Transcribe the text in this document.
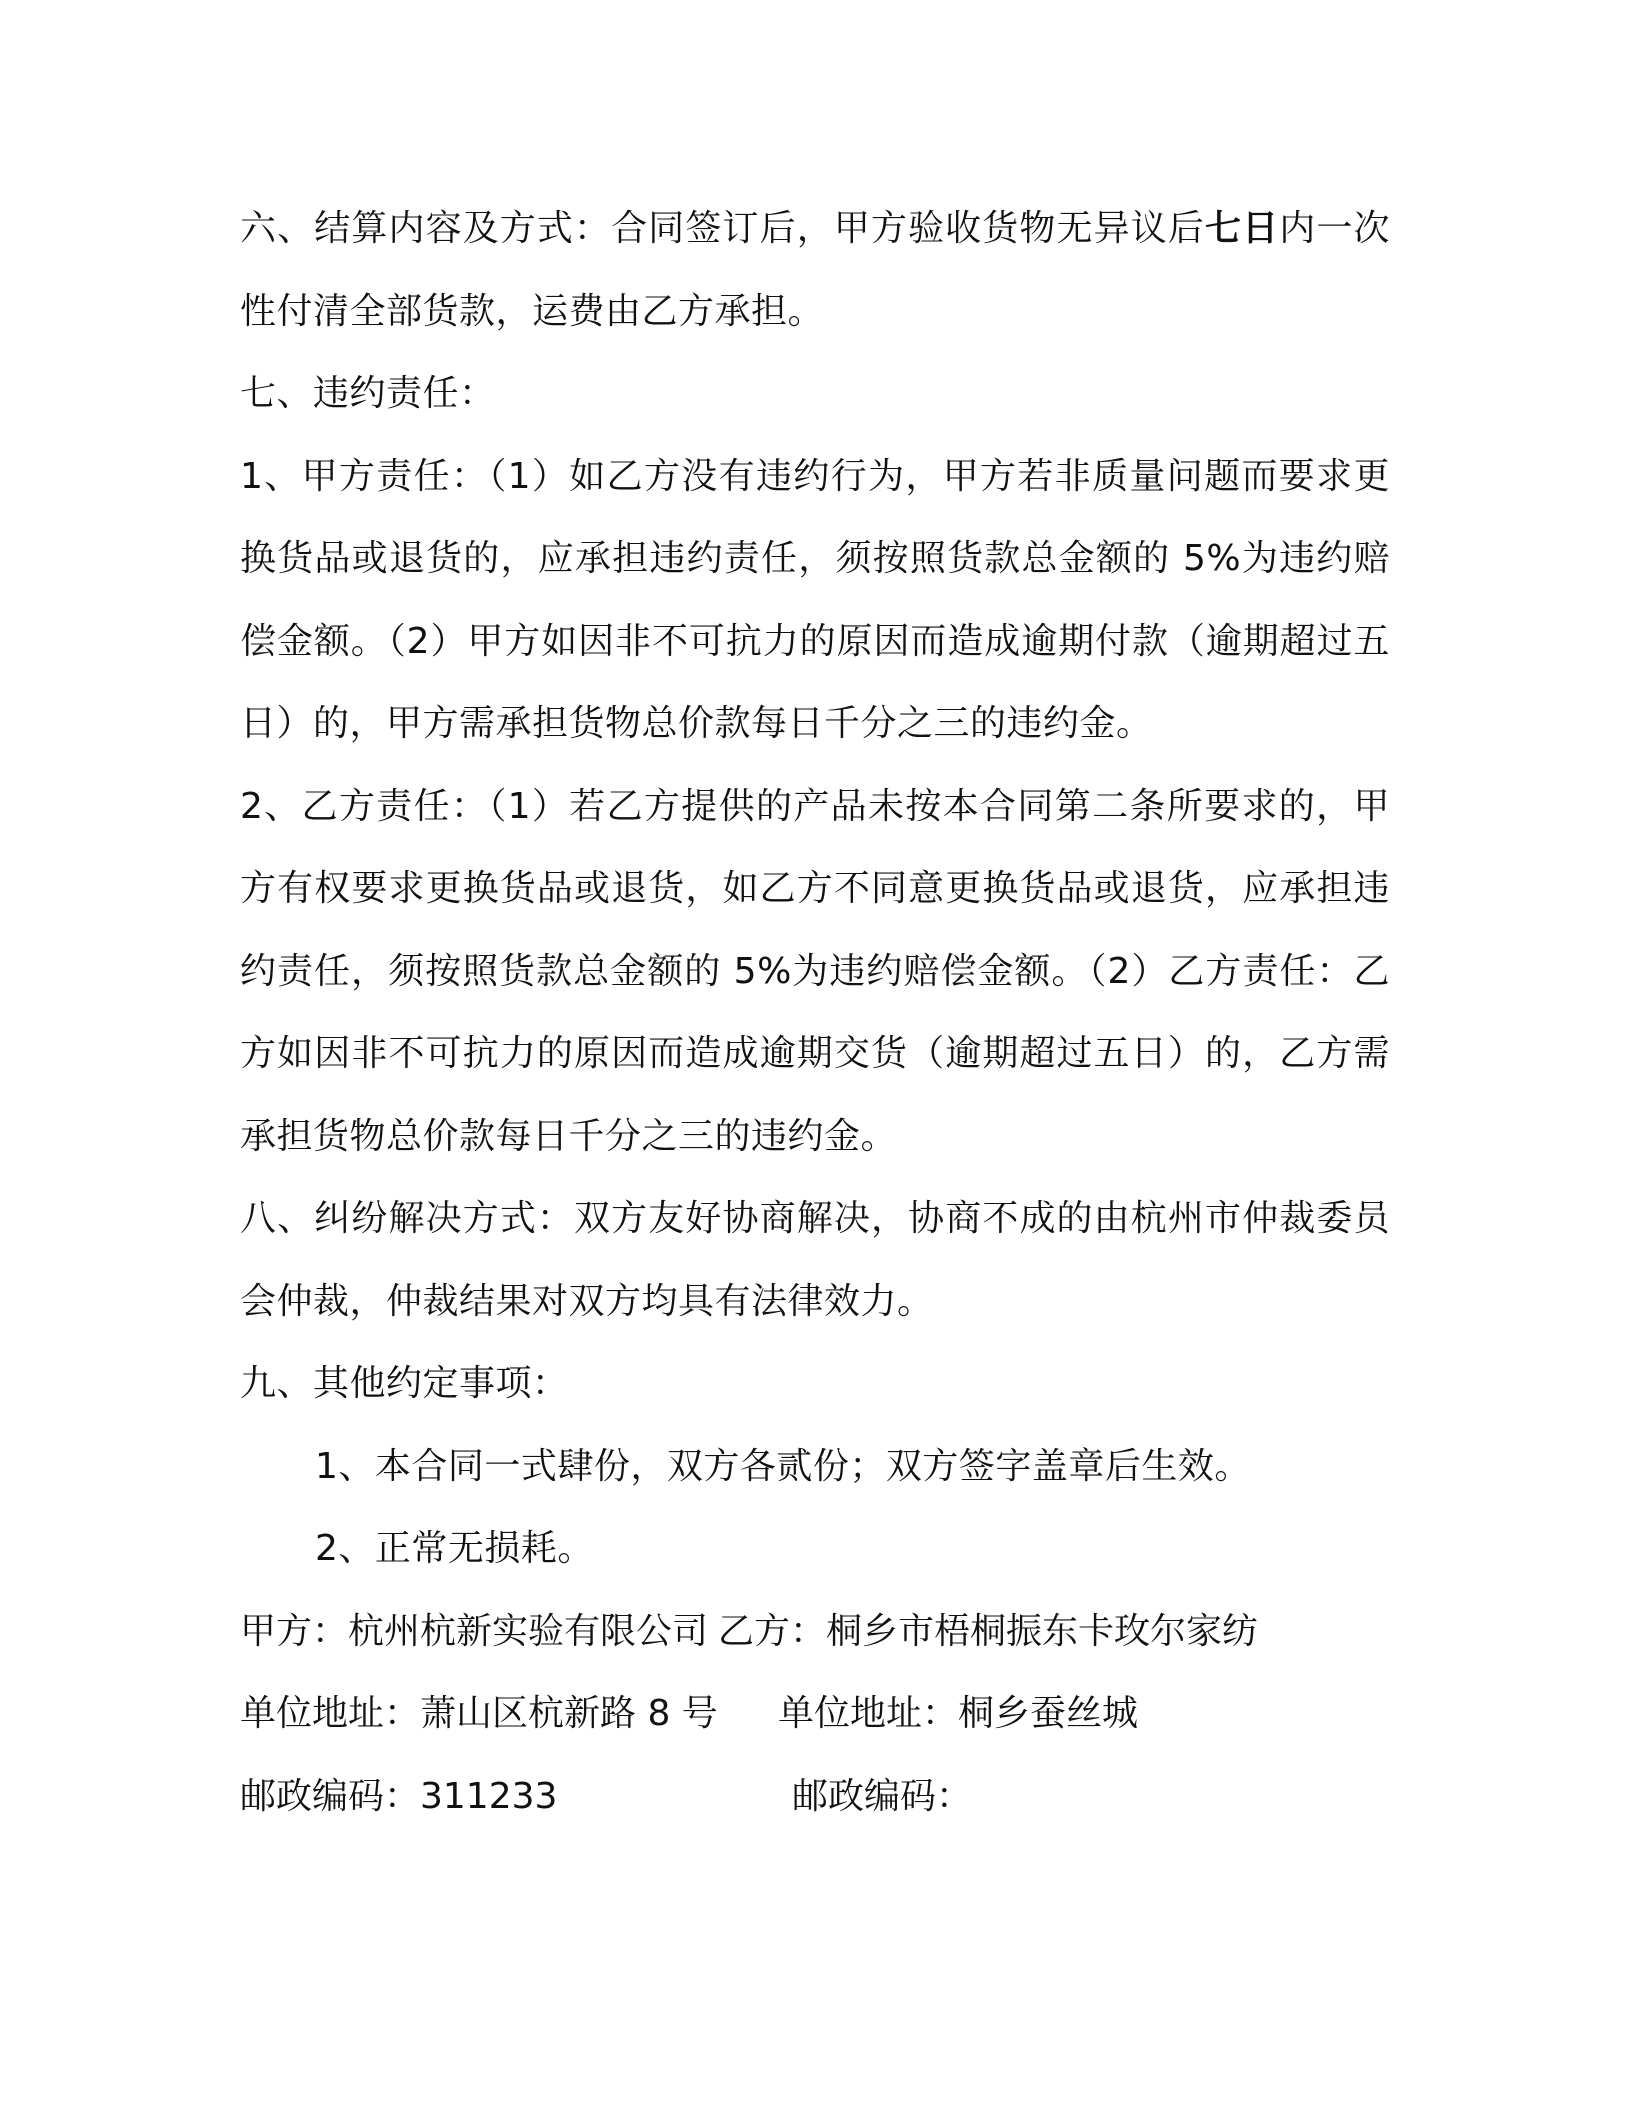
六、结算内容及方式：合同签订后，甲方验收货物无异议后七日内一次性付清全部货款，运费由乙方承担。

七、违约责任：

1、甲方责任：（1）如乙方没有违约行为，甲方若非质量问题而要求更换货品或退货的，应承担违约责任，须按照货款总金额的 5%为违约赔偿金额。（2）甲方如因非不可抗力的原因而造成逾期付款（逾期超过五日）的，甲方需承担货物总价款每日千分之三的违约金。

2、乙方责任：（1）若乙方提供的产品未按本合同第二条所要求的，甲方有权要求更换货品或退货，如乙方不同意更换货品或退货，应承担违约责任，须按照货款总金额的 5%为违约赔偿金额。（2）乙方责任：乙方如因非不可抗力的原因而造成逾期交货（逾期超过五日）的，乙方需承担货物总价款每日千分之三的违约金。

八、纠纷解决方式：双方友好协商解决，协商不成的由杭州市仲裁委员会仲裁，仲裁结果对双方均具有法律效力。

九、其他约定事项：

1、本合同一式肆份，双方各贰份；双方签字盖章后生效。

2、正常无损耗。

甲方：杭州杭新实验有限公司 乙方：桐乡市梧桐振东卡玫尔家纺
单位地址：萧山区杭新路 8 号 单位地址：桐乡蚕丝城
邮政编码：311233	邮政编码：
